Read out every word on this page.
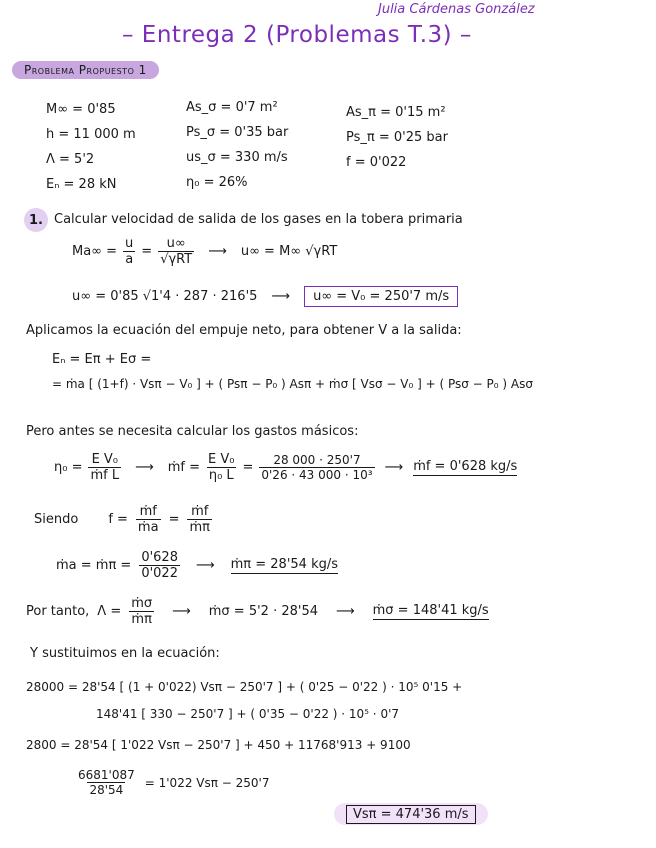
Julia Cárdenas González
– Entrega 2 (Problemas T.3) –
Problema Propuesto 1
M∞ = 0'85
h = 11 000 m
Λ = 5'2
Eₙ = 28 kN
As_σ = 0'7 m²
Ps_σ = 0'35 bar
us_σ = 330 m/s
η₀ = 26%
As_π = 0'15 m²
Ps_π = 0'25 bar
f = 0'022
1. Calcular velocidad de salida de los gases en la tobera primaria
$Ma\infty = \frac{u}{a} = \frac{u\infty}{\text{√γRT}}$ ⟶ u∞ = M∞ √γRT
u∞ = 0'85 √1'4 · 287 · 216'5 ⟶	u∞ = V₀ = 250'7 m/s
Aplicamos la ecuación del empuje neto, para obtener V a la salida:
Eₙ = Eπ + Eσ =
= ṁa [ (1+f) · Vsπ − V₀ ] + ( Psπ − P₀ ) Asπ + ṁσ [ Vsσ − V₀ ] + ( Psσ − P₀ ) Asσ
Pero antes se necesita calcular los gastos másicos:
$\eta_0 = \frac{\text{E V₀}}{\text{ṁf L}}$ ⟶ ṁf = $\frac{\text{E V₀}}{\text{η₀ L}} = \frac{28 000 \cdot 250'7}{\text{0'26 · 43 000 · 10³}}$ ⟶ ṁf = 0'628 kg/s
Siendo $f = \frac{\text{ṁf}}{\text{ṁa}} = \frac{\text{ṁf}}{\text{ṁπ}}$
ṁa = ṁπ = $\frac{0'628}{0'022}$ ⟶ ṁπ = 28'54 kg/s
Por tanto, $\Lambda = \frac{\text{ṁσ}}{\text{ṁπ}}$ ⟶ ṁσ = 5'2 · 28'54 ⟶ ṁσ = 148'41 kg/s
Y sustituimos en la ecuación:
28000 = 28'54 [ (1 + 0'022) Vsπ − 250'7 ] + ( 0'25 − 0'22 ) · 10⁵ 0'15 +
148'41 [ 330 − 250'7 ] + ( 0'35 − 0'22 ) · 10⁵ · 0'7
2800 = 28'54 [ 1'022 Vsπ − 250'7 ] + 450 + 11768'913 + 9100
$\frac{6681'087}{28'54} = 1'022$ Vsπ − 250'7
Vsπ = 474'36 m/s
